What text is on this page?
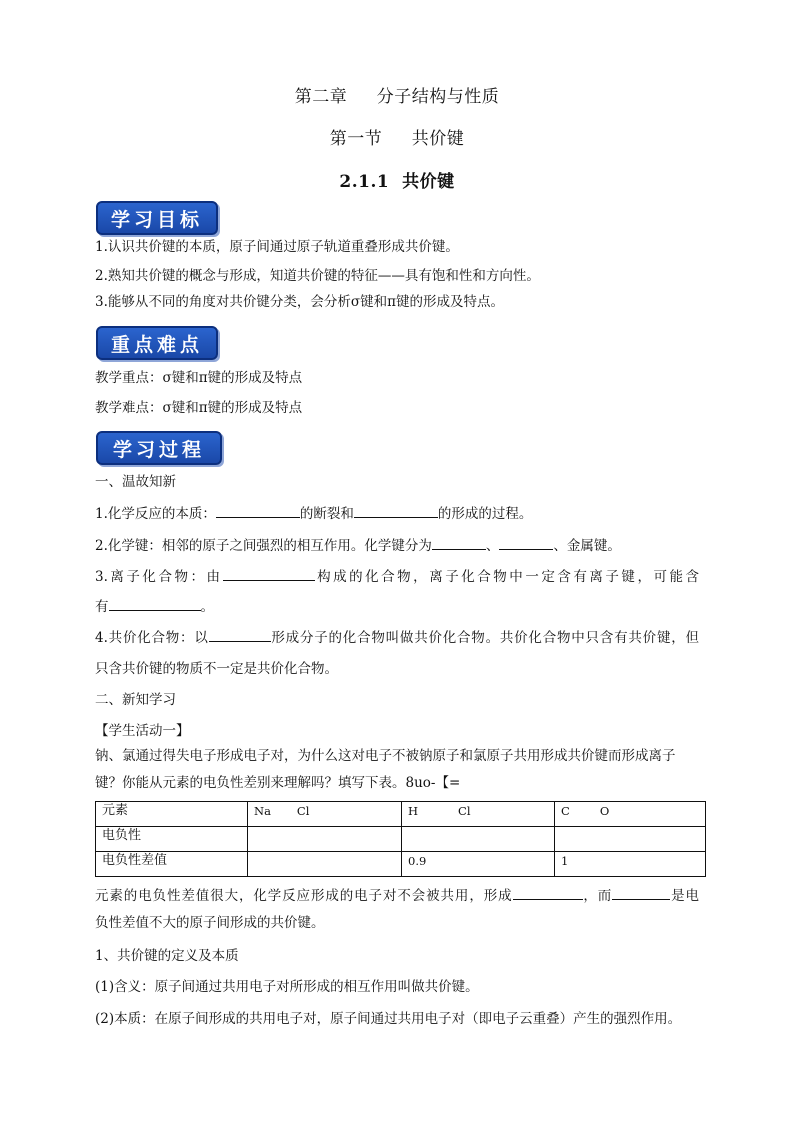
第二章     分子结构与性质
第一节     共价键
2.1.1  共价键
学习目标
1.认识共价键的本质，原子间通过原子轨道重叠形成共价键。
2.熟知共价键的概念与形成，知道共价键的特征——具有饱和性和方向性。
3.能够从不同的角度对共价键分类，会分析σ键和π键的形成及特点。
重点难点
教学重点：σ键和π键的形成及特点
教学难点：σ键和π键的形成及特点
学习过程
一、温故知新
1.化学反应的本质：	的断裂和	的形成的过程。
2.化学键：相邻的原子之间强烈的相互作用。化学键分为	、	、金属键。
3.离子化合物：由	构成的化合物，离子化合物中一定含有离子键，可能含
有	。
4.共价化合物：以	形成分子的化合物叫做共价化合物。共价化合物中只含有共价键，但
只含共价键的物质不一定是共价化合物。
二、新知学习
【学生活动一】
钠、氯通过得失电子形成电子对，为什么这对电子不被钠原子和氯原子共用形成共价键而形成离子
键？你能从元素的电负性差别来理解吗？填写下表。8uo-【=
元素	Na Cl	H Cl	C O
电负性			
电负性差值		0.9	1
元素的电负性差值很大，化学反应形成的电子对不会被共用，形成	，而	是电
负性差值不大的原子间形成的共价键。
1、共价键的定义及本质
(1)含义：原子间通过共用电子对所形成的相互作用叫做共价键。
(2)本质：在原子间形成的共用电子对，原子间通过共用电子对（即电子云重叠）产生的强烈作用。
